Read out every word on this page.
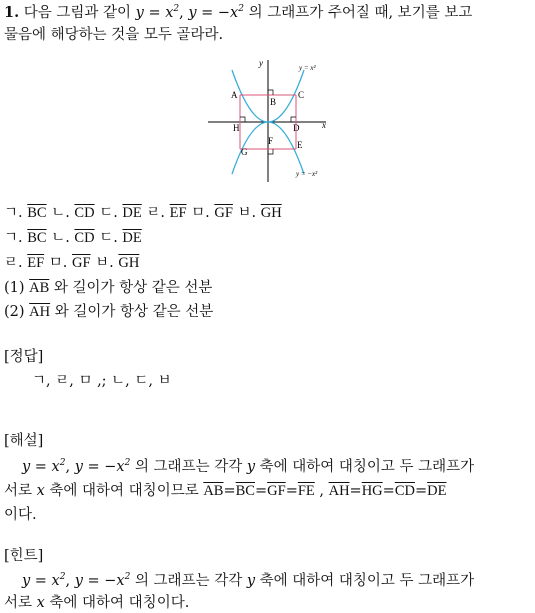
1. 다음 그림과 같이 $y = x^2$, $y = -x^2$ 의 그래프가 주어질 때, 보기를 보고
물음에 해당하는 것을 모두 골라라.
x
y
A
B
C
D
E
F
G
H
y = x²
y = −x²
ㄱ. $\overline{BC}$ ㄴ. $\overline{CD}$ ㄷ. $\overline{DE}$ ㄹ. $\overline{EF}$ ㅁ. $\overline{GF}$ ㅂ. $\overline{GH}$
ㄱ. $\overline{BC}$ ㄴ. $\overline{CD}$ ㄷ. $\overline{DE}$
ㄹ. $\overline{EF}$ ㅁ. $\overline{GF}$ ㅂ. $\overline{GH}$
(1) $\overline{AB}$ 와 길이가 항상 같은 선분
(2) $\overline{AH}$ 와 길이가 항상 같은 선분
[정답]
ㄱ, ㄹ, ㅁ ,; ㄴ, ㄷ, ㅂ
[해설]
$y = x^2$, $y = -x^2$ 의 그래프는 각각 y 축에 대하여 대칭이고 두 그래프가
서로 x 축에 대하여 대칭이므로 $\overline{AB}=\overline{BC}=\overline{GF}=\overline{FE}$ , $\overline{AH}=\overline{HG}=\overline{CD}=\overline{DE}$
이다.
[힌트]
$y = x^2$, $y = -x^2$ 의 그래프는 각각 y 축에 대하여 대칭이고 두 그래프가
서로 x 축에 대하여 대칭이다.
